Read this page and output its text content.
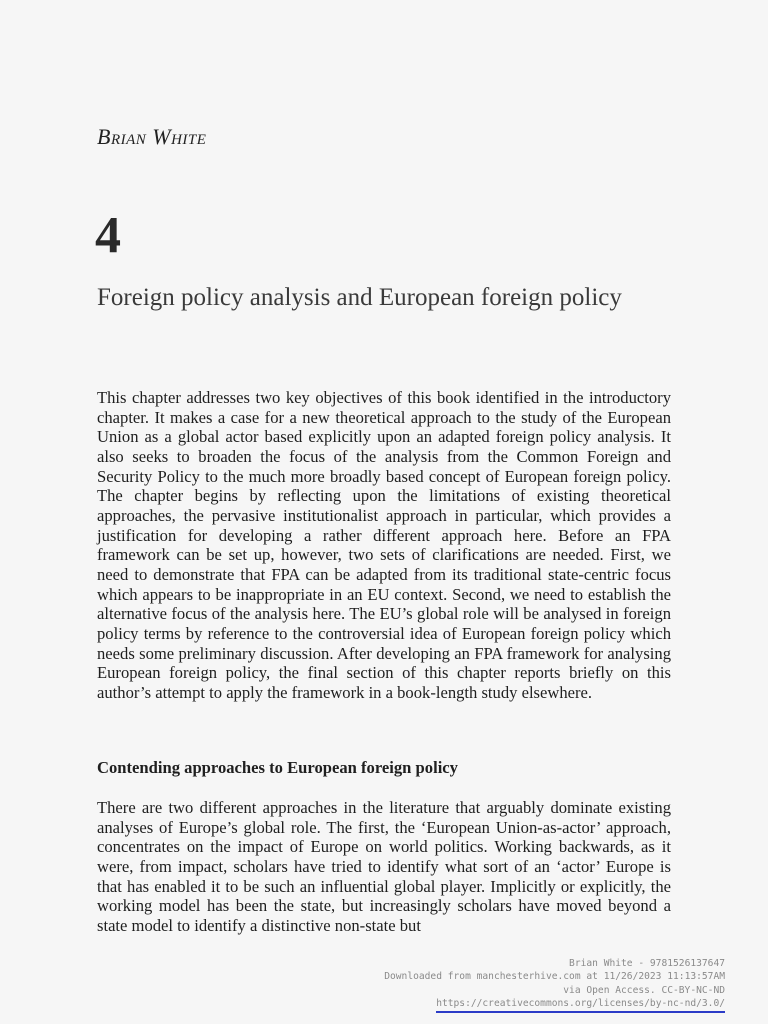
Brian White
4
Foreign policy analysis and European foreign policy

This chapter addresses two key objectives of this book identified in the introductory chapter. It makes a case for a new theoretical approach to the study of the European Union as a global actor based explicitly upon an adapted foreign policy analysis. It also seeks to broaden the focus of the analysis from the Common Foreign and Security Policy to the much more broadly based concept of European foreign policy. The chapter begins by reflecting upon the limitations of existing theoretical approaches, the pervasive institutionalist approach in particular, which provides a justification for developing a rather different approach here. Before an FPA framework can be set up, however, two sets of clarifications are needed. First, we need to demonstrate that FPA can be adapted from its traditional state-centric focus which appears to be inappropriate in an EU context. Second, we need to establish the alternative focus of the analysis here. The EU’s global role will be analysed in foreign policy terms by reference to the controversial idea of European foreign policy which needs some preliminary discussion. After developing an FPA framework for analysing European foreign policy, the final section of this chapter reports briefly on this author’s attempt to apply the framework in a book-length study elsewhere.

Contending approaches to European foreign policy

There are two different approaches in the literature that arguably dominate existing analyses of Europe’s global role. The first, the ‘European Union-as-actor’ approach, concentrates on the impact of Europe on world politics. Working backwards, as it were, from impact, scholars have tried to identify what sort of an ‘actor’ Europe is that has enabled it to be such an influential global player. Implicitly or explicitly, the working model has been the state, but increasingly scholars have moved beyond a state model to identify a distinctive non-state but

Brian White - 9781526137647
Downloaded from manchesterhive.com at 11/26/2023 11:13:57AM
via Open Access. CC-BY-NC-ND
https://creativecommons.org/licenses/by-nc-nd/3.0/
